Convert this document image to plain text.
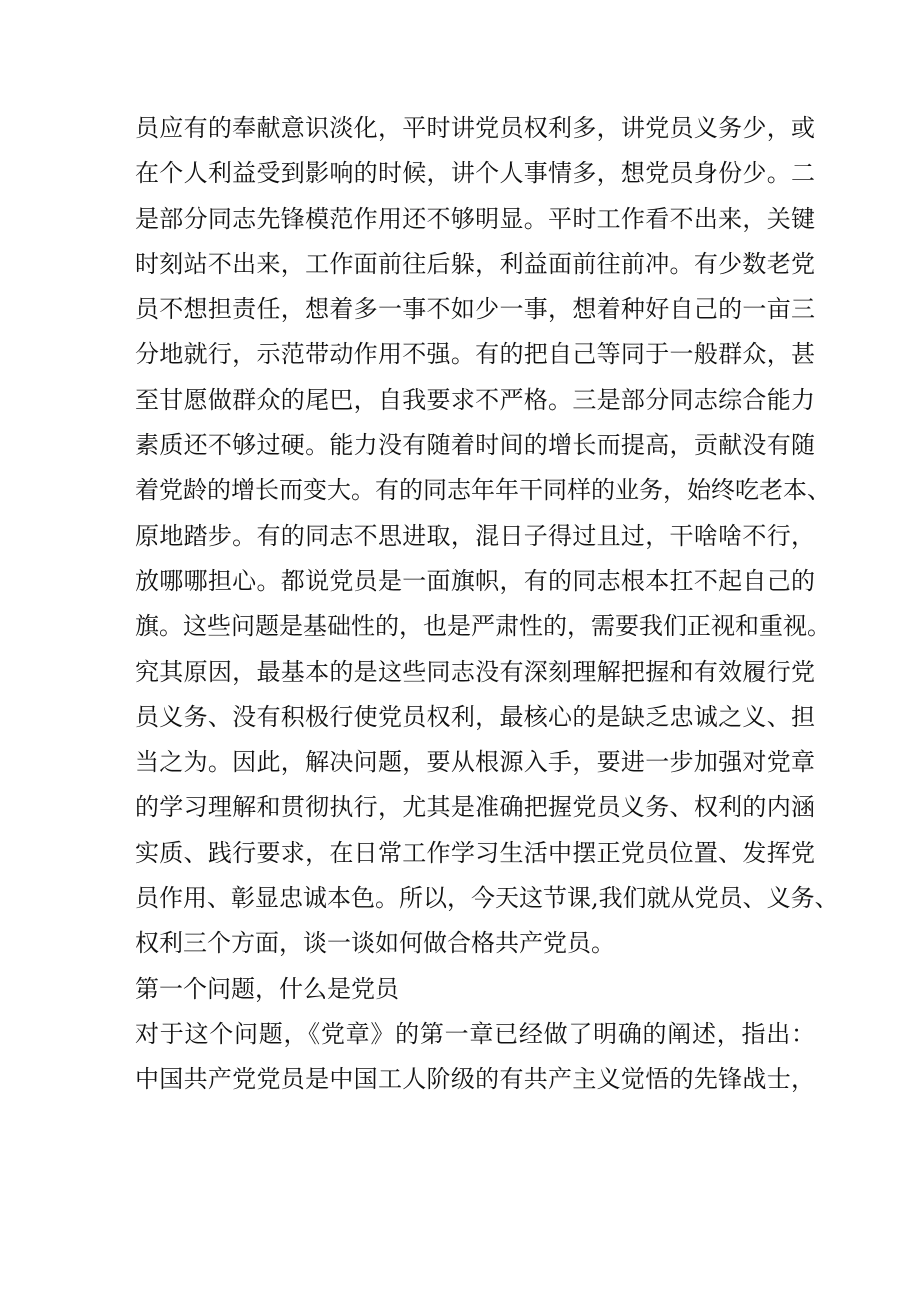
员应有的奉献意识淡化，平时讲党员权利多，讲党员义务少，或
在个人利益受到影响的时候，讲个人事情多，想党员身份少。二
是部分同志先锋模范作用还不够明显。平时工作看不出来，关键
时刻站不出来，工作面前往后躲，利益面前往前冲。有少数老党
员不想担责任，想着多一事不如少一事，想着种好自己的一亩三
分地就行，示范带动作用不强。有的把自己等同于一般群众，甚
至甘愿做群众的尾巴，自我要求不严格。三是部分同志综合能力
素质还不够过硬。能力没有随着时间的增长而提高，贡献没有随
着党龄的增长而变大。有的同志年年干同样的业务，始终吃老本、
原地踏步。有的同志不思进取，混日子得过且过，干啥啥不行，
放哪哪担心。都说党员是一面旗帜，有的同志根本扛不起自己的
旗。这些问题是基础性的，也是严肃性的，需要我们正视和重视。
究其原因，最基本的是这些同志没有深刻理解把握和有效履行党
员义务、没有积极行使党员权利，最核心的是缺乏忠诚之义、担
当之为。因此，解决问题，要从根源入手，要进一步加强对党章
的学习理解和贯彻执行，尤其是准确把握党员义务、权利的内涵
实质、践行要求，在日常工作学习生活中摆正党员位置、发挥党
员作用、彰显忠诚本色。所以，今天这节课,我们就从党员、义务、
权利三个方面，谈一谈如何做合格共产党员。
第一个问题，什么是党员
对于这个问题，《党章》的第一章已经做了明确的阐述，指出：
中国共产党党员是中国工人阶级的有共产主义觉悟的先锋战士，
